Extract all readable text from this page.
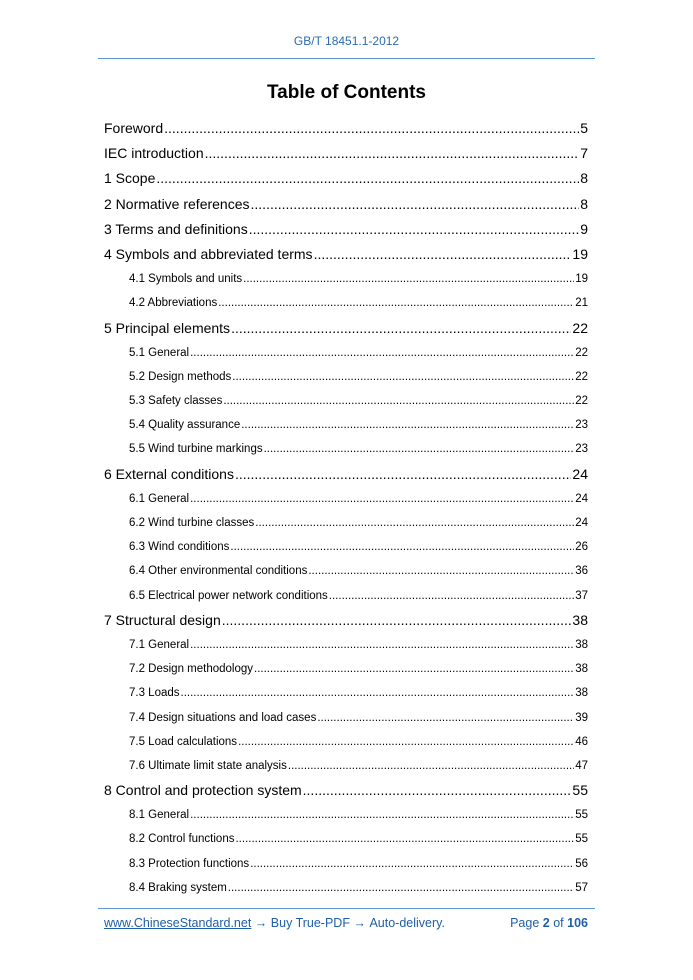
GB/T 18451.1-2012
Table of Contents
Foreword .....	5
IEC introduction .....	7
1 Scope .....	8
2 Normative references .....	8
3 Terms and definitions .....	9
4 Symbols and abbreviated terms .....	19
4.1 Symbols and units .....	19
4.2 Abbreviations .....	21
5 Principal elements .....	22
5.1 General .....	22
5.2 Design methods .....	22
5.3 Safety classes .....	22
5.4 Quality assurance .....	23
5.5 Wind turbine markings .....	23
6 External conditions .....	24
6.1 General .....	24
6.2 Wind turbine classes .....	24
6.3 Wind conditions .....	26
6.4 Other environmental conditions .....	36
6.5 Electrical power network conditions .....	37
7 Structural design .....	38
7.1 General .....	38
7.2 Design methodology .....	38
7.3 Loads .....	38
7.4 Design situations and load cases .....	39
7.5 Load calculations .....	46
7.6 Ultimate limit state analysis .....	47
8 Control and protection system .....	55
8.1 General .....	55
8.2 Control functions .....	55
8.3 Protection functions .....	56
8.4 Braking system .....	57
www.ChineseStandard.net
→
Buy True-PDF
→
Auto-delivery.	Page
2
of
106
